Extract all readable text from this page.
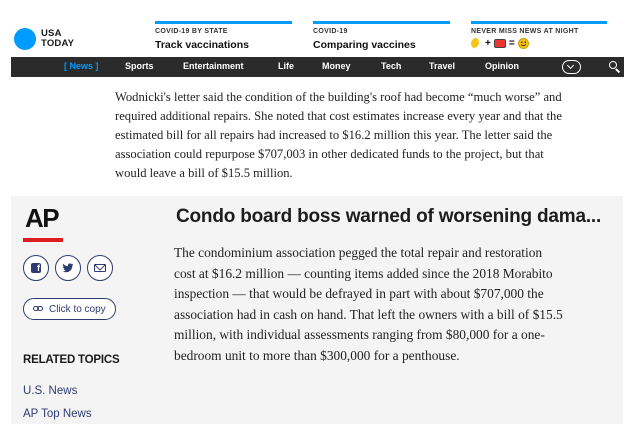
USA
TODAY
COVID-19 BY STATE
Track vaccinations
COVID-19
Comparing vaccines
NEVER MISS NEWS AT NIGHT
+ =
[ News ]	Sports	Entertainment	Life	Money	Tech	Travel	Opinion

Wodnicki's letter said the condition of the building's roof had become “much worse” and required additional repairs. She noted that cost estimates increase every year and that the estimated bill for all repairs had increased to $16.2 million this year. The letter said the association could repurpose $707,003 in other dedicated funds to the project, but that would leave a bill of $15.5 million.

AP	Condo board boss warned of worsening dama...
f
Click to copy
RELATED TOPICS
U.S. News
AP Top News

The condominium association pegged the total repair and restoration cost at $16.2 million — counting items added since the 2018 Morabito inspection — that would be defrayed in part with about $707,000 the association had in cash on hand. That left the owners with a bill of $15.5 million, with individual assessments ranging from $80,000 for a one-bedroom unit to more than $300,000 for a penthouse.
